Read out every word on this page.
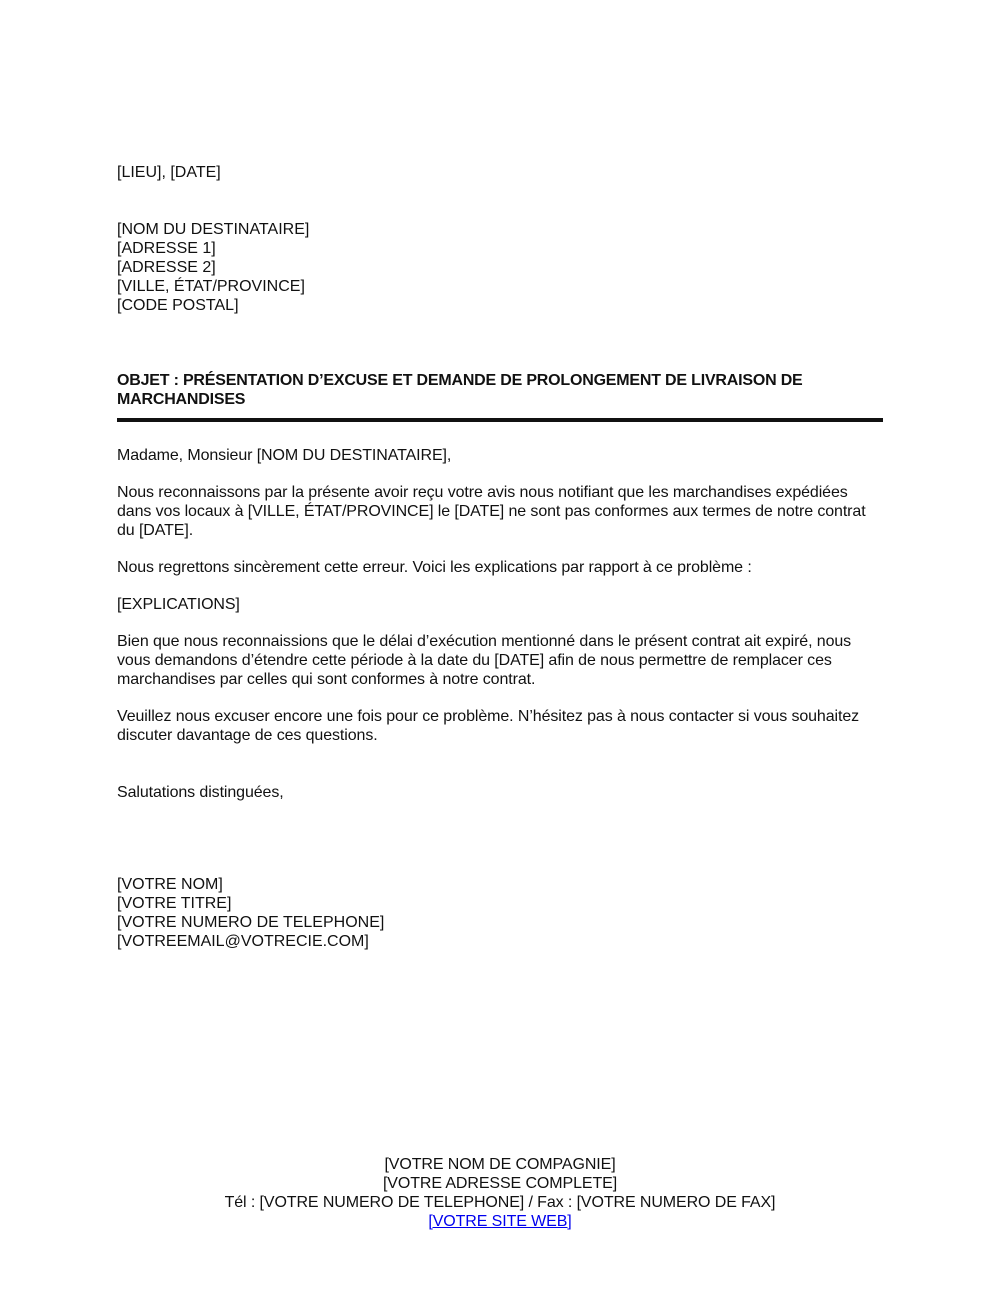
[LIEU], [DATE]
[NOM DU DESTINATAIRE]
[ADRESSE 1]
[ADRESSE 2]
[VILLE, ÉTAT/PROVINCE]
[CODE POSTAL]
OBJET : PRÉSENTATION D’EXCUSE ET DEMANDE DE PROLONGEMENT DE LIVRAISON DE MARCHANDISES

Madame, Monsieur [NOM DU DESTINATAIRE],

Nous reconnaissons par la présente avoir reçu votre avis nous notifiant que les marchandises expédiées dans vos locaux à [VILLE, ÉTAT/PROVINCE] le [DATE] ne sont pas conformes aux termes de notre contrat du [DATE].

Nous regrettons sincèrement cette erreur. Voici les explications par rapport à ce problème :

[EXPLICATIONS]

Bien que nous reconnaissions que le délai d’exécution mentionné dans le présent contrat ait expiré, nous vous demandons d’étendre cette période à la date du [DATE] afin de nous permettre de remplacer ces marchandises par celles qui sont conformes à notre contrat.

Veuillez nous excuser encore une fois pour ce problème. N’hésitez pas à nous contacter si vous souhaitez discuter davantage de ces questions.

Salutations distinguées,

[VOTRE NOM]
[VOTRE TITRE]
[VOTRE NUMERO DE TELEPHONE]
[VOTREEMAIL@VOTRECIE.COM]
[VOTRE NOM DE COMPAGNIE]
[VOTRE ADRESSE COMPLETE]
Tél : [VOTRE NUMERO DE TELEPHONE] / Fax : [VOTRE NUMERO DE FAX]
[VOTRE SITE WEB]
